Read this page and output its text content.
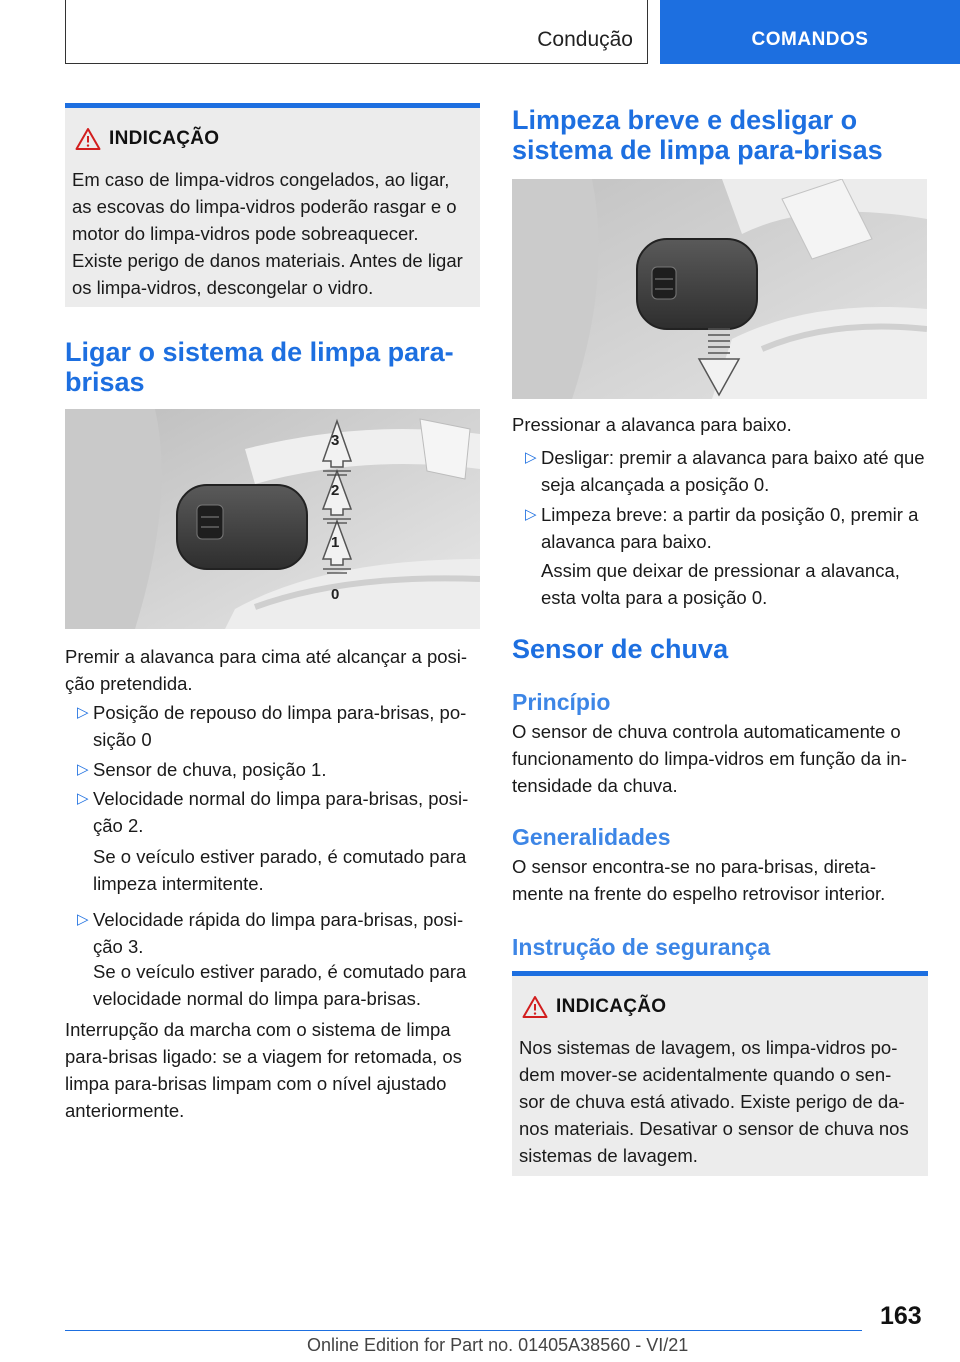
Condução	COMANDOS
INDICAÇÃO
Em caso de limpa-vidros congelados, ao ligar,
as escovas do limpa-vidros poderão rasgar e o
motor do limpa-vidros pode sobreaquecer.
Existe perigo de danos materiais. Antes de ligar
os limpa-vidros, descongelar o vidro.
Ligar o sistema de limpa para-
brisas
3
2
1
0
Premir a alavanca para cima até alcançar a posi-
ção pretendida.
▷ Posição de repouso do limpa para-brisas, po-
sição 0
▷ Sensor de chuva, posição 1.
▷ Velocidade normal do limpa para-brisas, posi-
ção 2.
Se o veículo estiver parado, é comutado para
limpeza intermitente.
▷ Velocidade rápida do limpa para-brisas, posi-
ção 3.
Se o veículo estiver parado, é comutado para
velocidade normal do limpa para-brisas.
Interrupção da marcha com o sistema de limpa
para-brisas ligado: se a viagem for retomada, os
limpa para-brisas limpam com o nível ajustado
anteriormente.
Limpeza breve e desligar o
sistema de limpa para-brisas
Pressionar a alavanca para baixo.
▷ Desligar: premir a alavanca para baixo até que
seja alcançada a posição 0.
▷ Limpeza breve: a partir da posição 0, premir a
alavanca para baixo.
Assim que deixar de pressionar a alavanca,
esta volta para a posição 0.
Sensor de chuva
Princípio
O sensor de chuva controla automaticamente o
funcionamento do limpa-vidros em função da in-
tensidade da chuva.
Generalidades
O sensor encontra-se no para-brisas, direta-
mente na frente do espelho retrovisor interior.
Instrução de segurança
INDICAÇÃO
Nos sistemas de lavagem, os limpa-vidros po-
dem mover-se acidentalmente quando o sen-
sor de chuva está ativado. Existe perigo de da-
nos materiais. Desativar o sensor de chuva nos
sistemas de lavagem.
163
Online Edition for Part no. 01405A38560 - VI/21
